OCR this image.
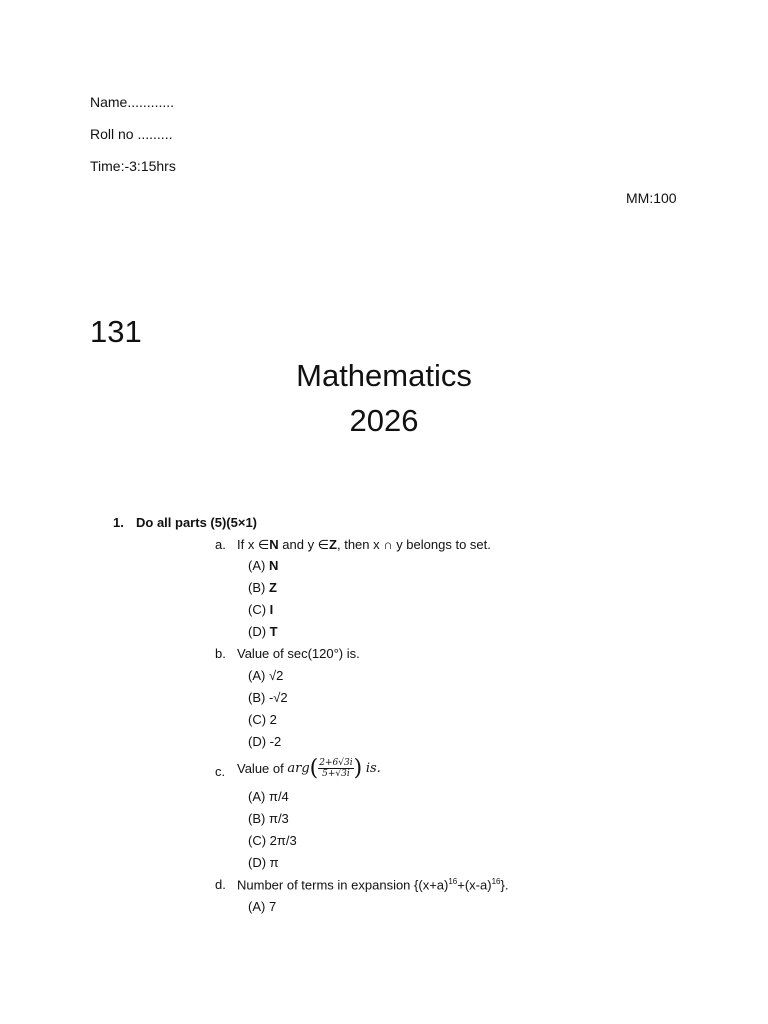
Name............
Roll no .........
Time:-3:15hrs
MM:100
131
Mathematics
2026
1. Do all parts (5)(5×1)
a. If x ∈N and y ∈Z, then x ∩ y belongs to set.
(A) N
(B) Z
(C) I
(D) T
b. Value of sec(120°) is.
(A) √2
(B) -√2
(C) 2
(D) -2
c. Value of $arg( \frac{2+6√3i}{5+√3i}$ ) is.
(A) π/4
(B) π/3
(C) 2π/3
(D) π
d. Number of terms in expansion $\{(x+a)^{16}+(x-a)^{16}\}$.
(A) 7
